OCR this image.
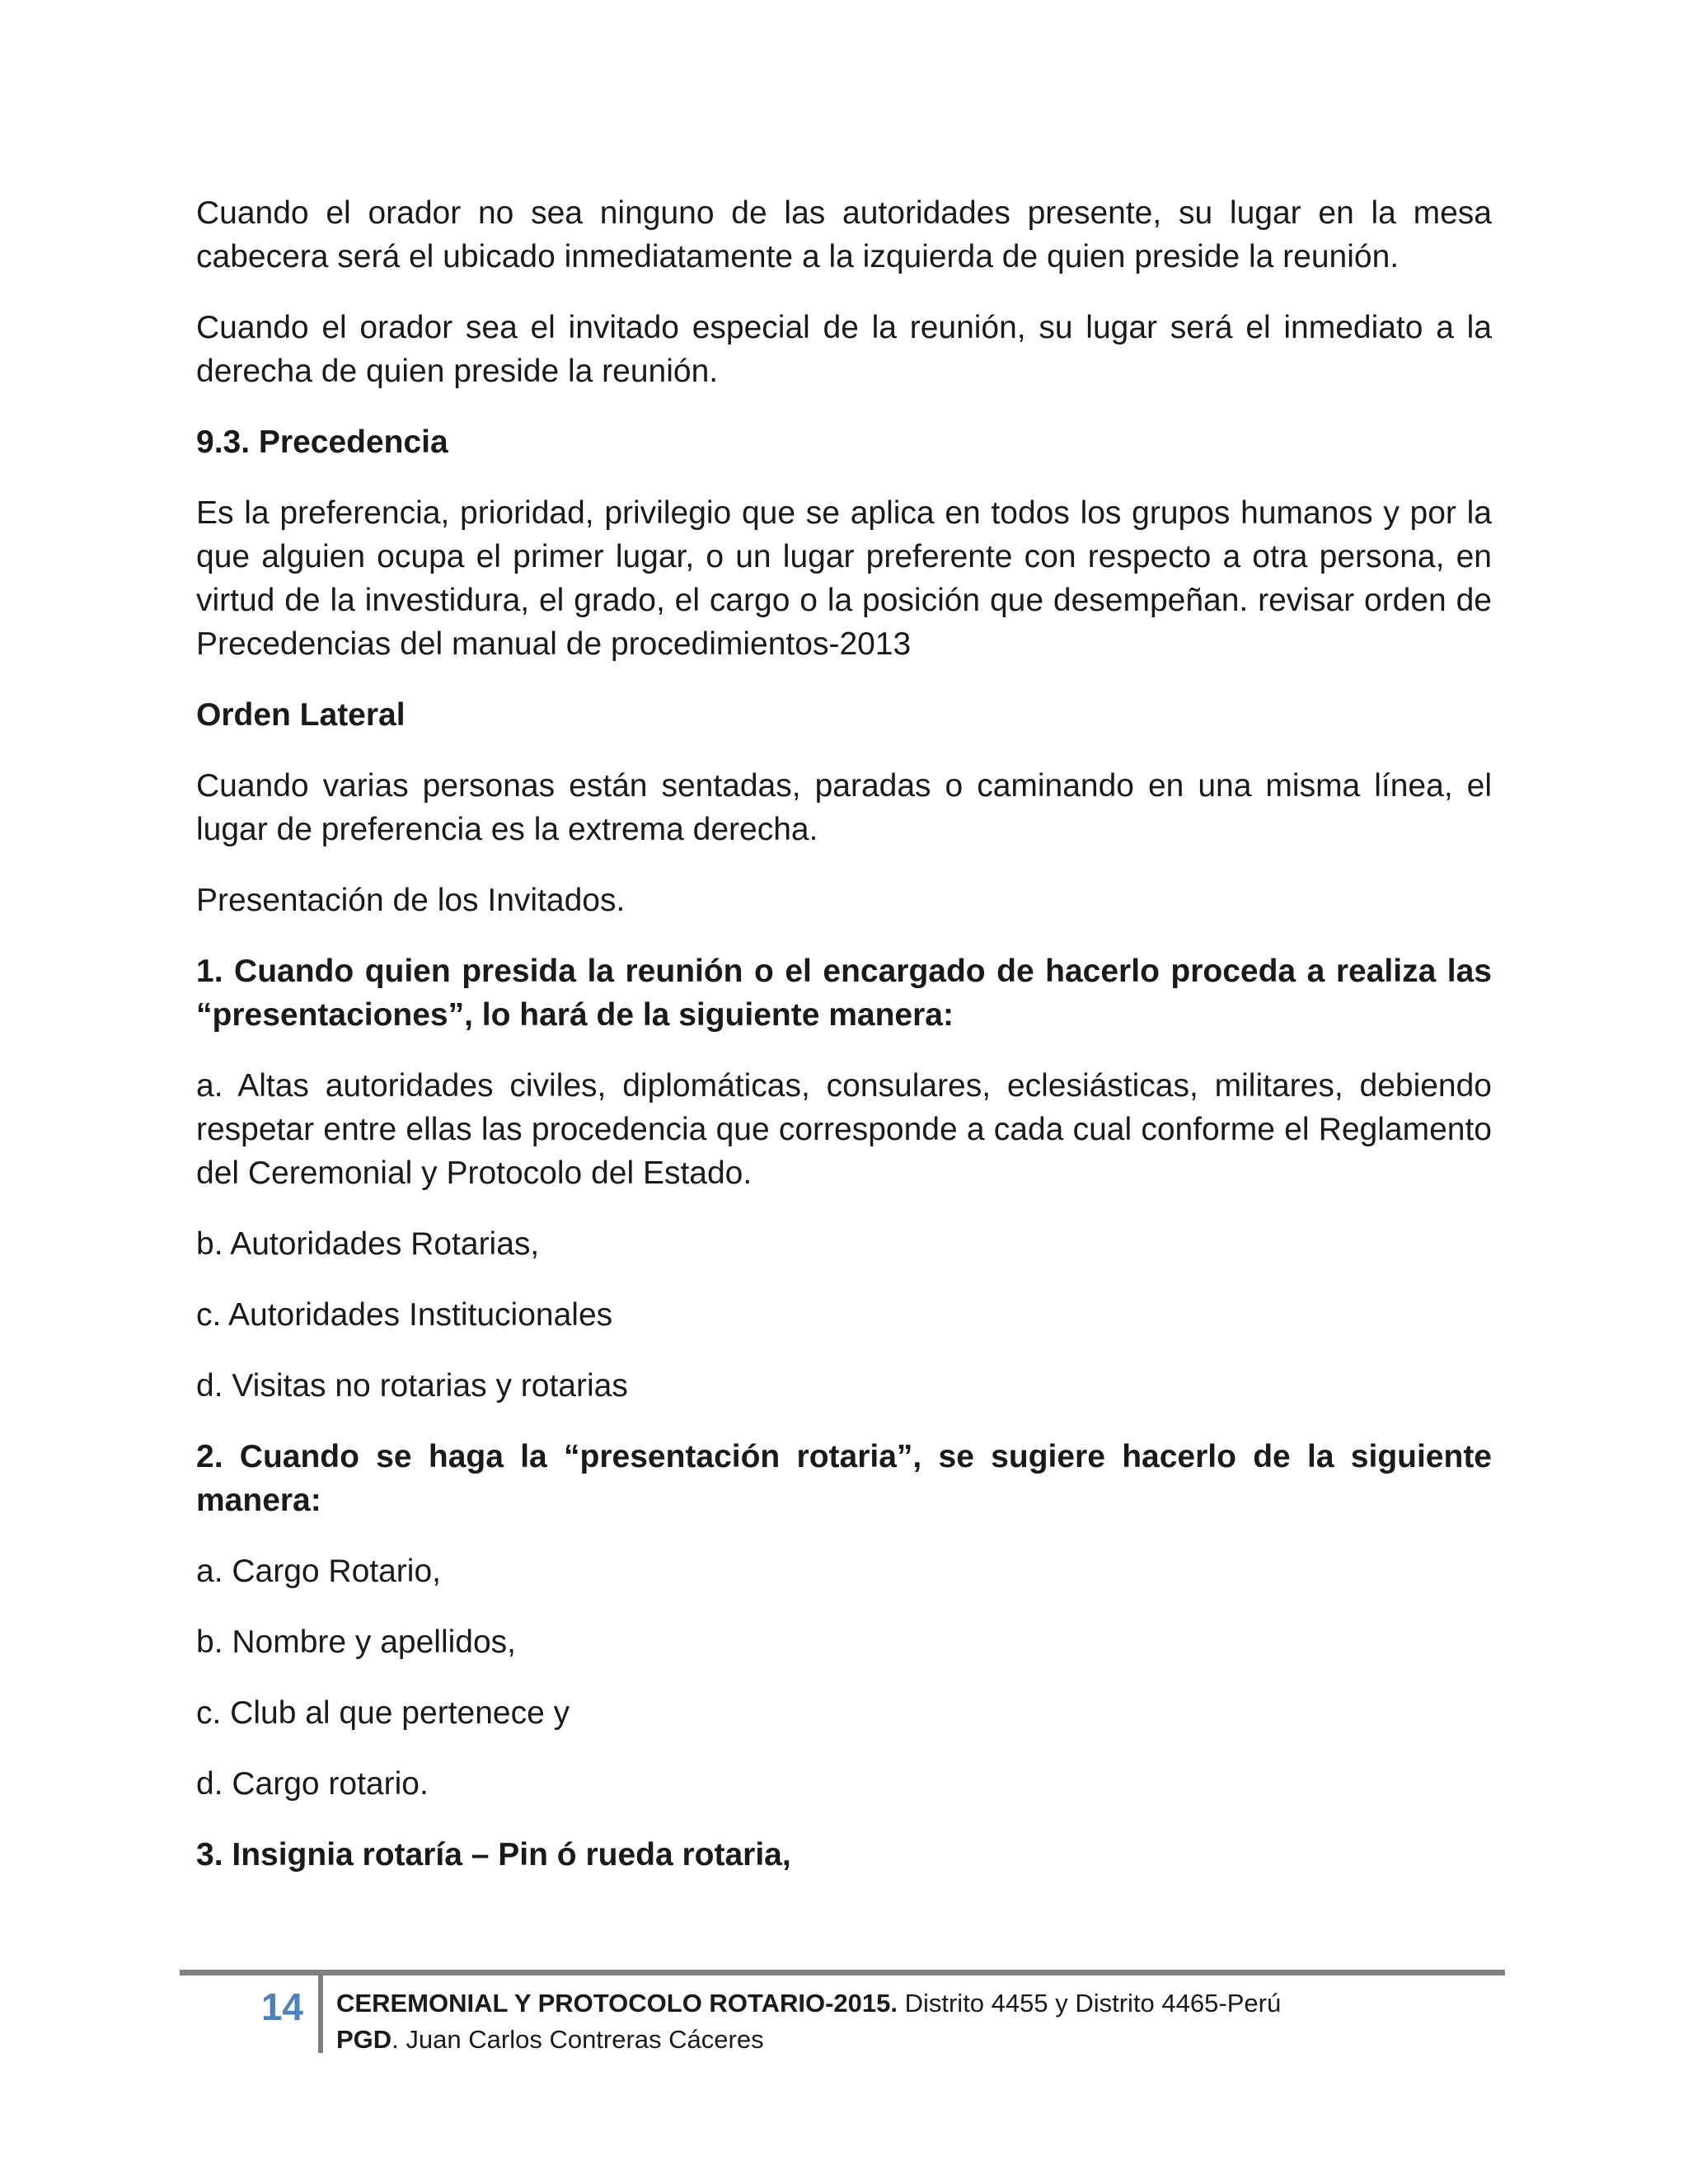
Cuando el orador no sea ninguno de las autoridades presente, su lugar en la mesa cabecera será el ubicado inmediatamente a la izquierda de quien preside la reunión.

Cuando el orador sea el invitado especial de la reunión, su lugar será el inmediato a la derecha de quien preside la reunión.

9.3. Precedencia

Es la preferencia, prioridad, privilegio que se aplica en todos los grupos humanos y por la que alguien ocupa el primer lugar, o un lugar preferente con respecto a otra persona, en virtud de la investidura, el grado, el cargo o la posición que desempeñan. revisar orden de Precedencias del manual de procedimientos-2013

Orden Lateral

Cuando varias personas están sentadas, paradas o caminando en una misma línea, el lugar de preferencia es la extrema derecha.

Presentación de los Invitados.

1. Cuando quien presida la reunión o el encargado de hacerlo proceda a realiza las “presentaciones”, lo hará de la siguiente manera:

a. Altas autoridades civiles, diplomáticas, consulares, eclesiásticas, militares, debiendo respetar entre ellas las procedencia que corresponde a cada cual conforme el Reglamento del Ceremonial y Protocolo del Estado.

b. Autoridades Rotarias,

c. Autoridades Institucionales

d. Visitas no rotarias y rotarias

2. Cuando se haga la “presentación rotaria”, se sugiere hacerlo de la siguiente manera:

a. Cargo Rotario,

b. Nombre y apellidos,

c. Club al que pertenece y

d. Cargo rotario.

3. Insignia rotaría – Pin ó rueda rotaria,

14	CEREMONIAL Y PROTOCOLO ROTARIO-2015. Distrito 4455 y Distrito 4465-Perú
PGD. Juan Carlos Contreras Cáceres
